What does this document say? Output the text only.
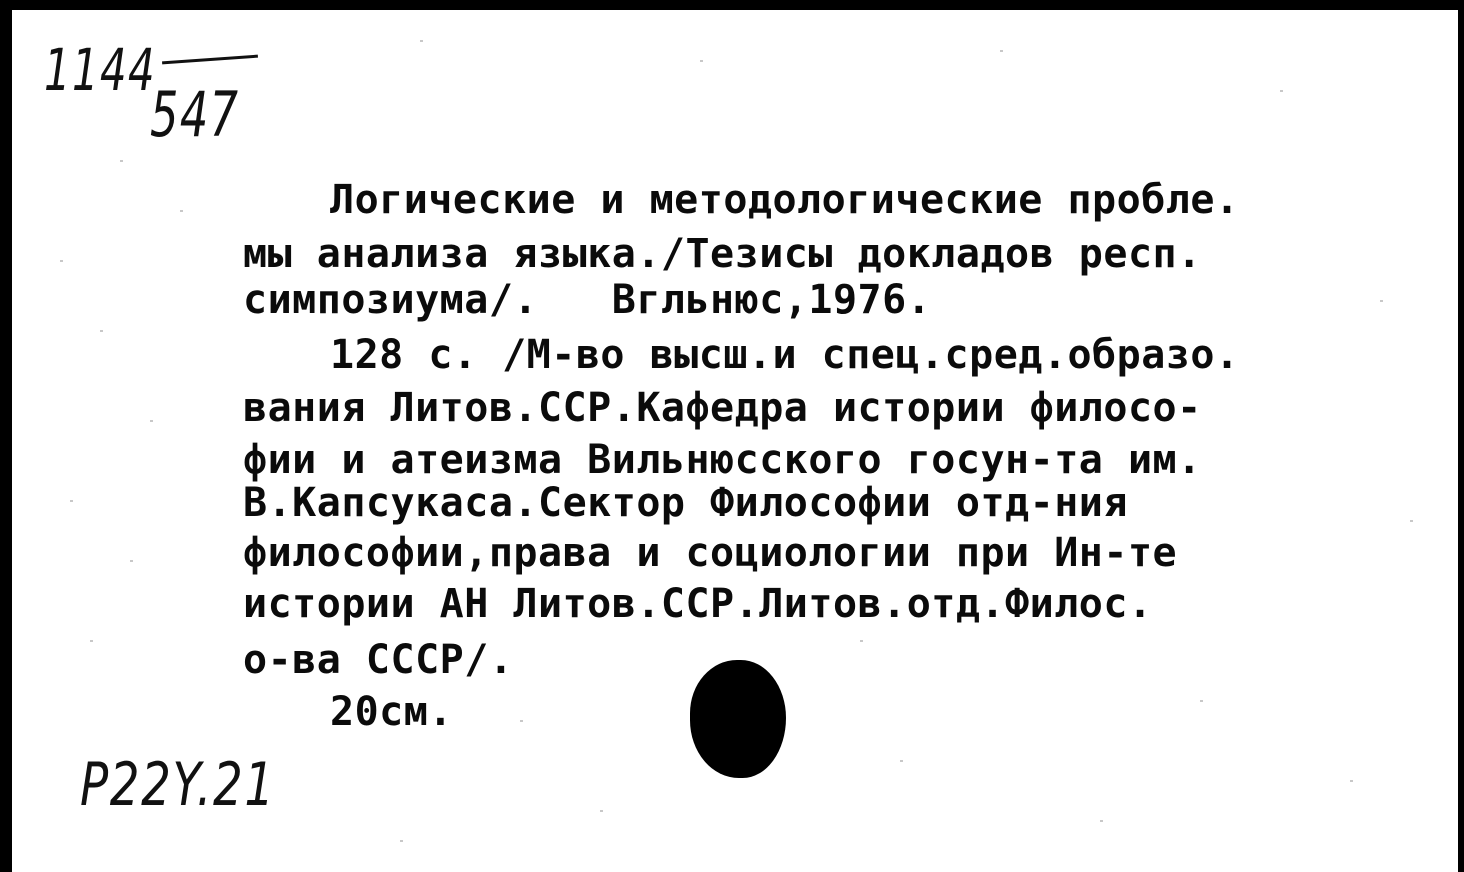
1144
547
Логические и методологические пробле.
мы анализа языка./Тезисы докладов респ.
симпозиума/.   Вгльнюс,1976.
128 с. /М-во высш.и спец.сред.образо.
вания Литов.ССР.Кафедра истории филосо-
фии и атеизма Вильнюсского госун-та им.
В.Капсукаса.Сектор Философии отд-ния
философии,права и социологии при Ин-те
истории АН Литов.ССР.Литов.отд.Филос.
о-ва СССР/.
20см.
P22Y.21
